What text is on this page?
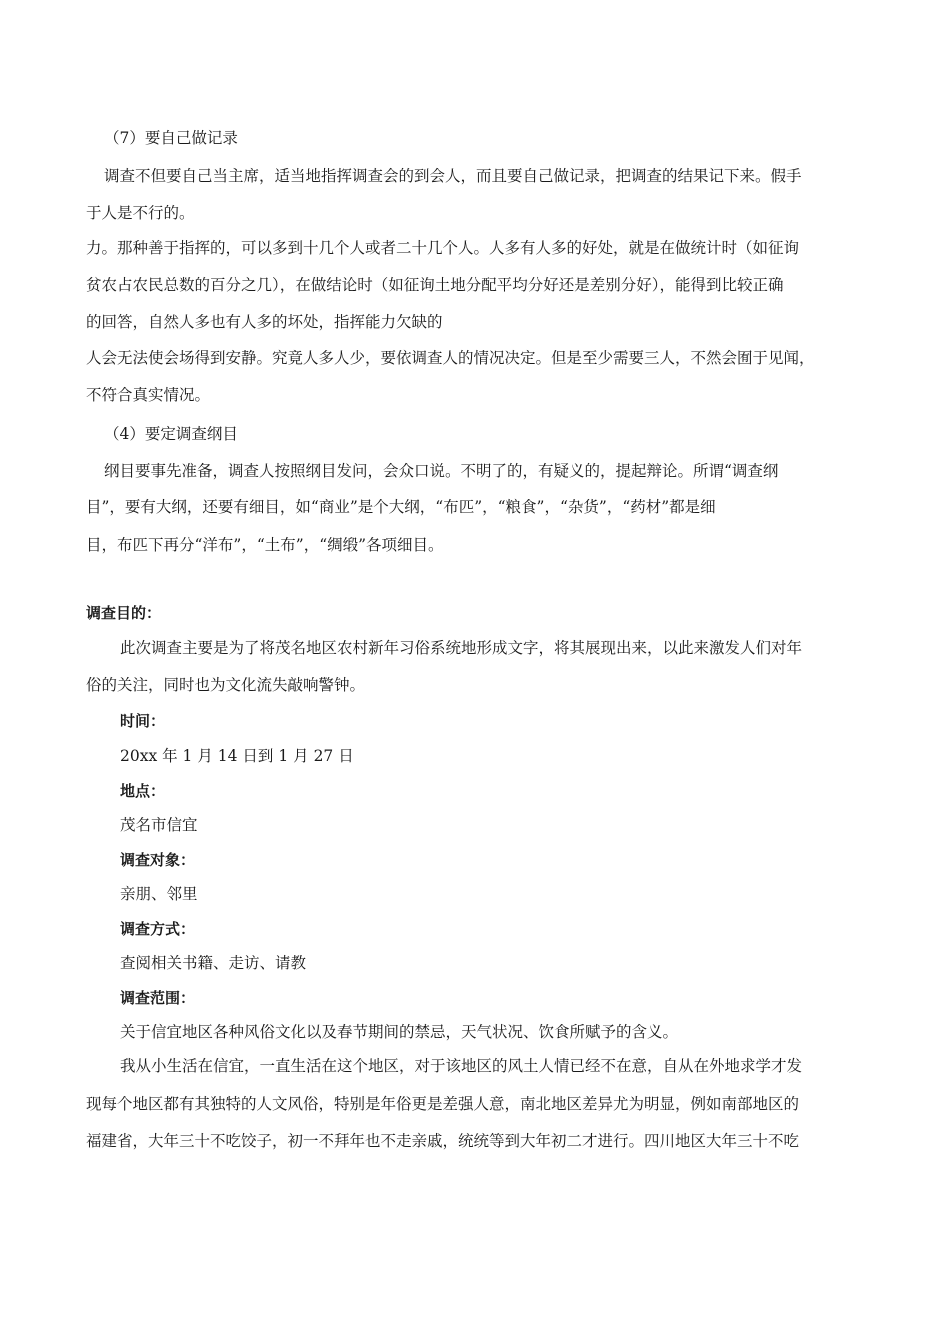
（7）要自己做记录
调查不但要自己当主席，适当地指挥调查会的到会人，而且要自己做记录，把调查的结果记下来。假手
于人是不行的。
力。那种善于指挥的，可以多到十几个人或者二十几个人。人多有人多的好处，就是在做统计时（如征询
贫农占农民总数的百分之几），在做结论时（如征询土地分配平均分好还是差别分好），能得到比较正确
的回答，自然人多也有人多的坏处，指挥能力欠缺的
人会无法使会场得到安静。究竟人多人少，要依调查人的情况决定。但是至少需要三人，不然会囿于见闻，
不符合真实情况。
（4）要定调查纲目
纲目要事先准备，调查人按照纲目发问，会众口说。不明了的，有疑义的，提起辩论。所谓“调查纲
目”，要有大纲，还要有细目，如“商业”是个大纲，“布匹”，“粮食”，“杂货”，“药材”都是细
目，布匹下再分“洋布”，“土布”，“绸缎”各项细目。
调查目的：
此次调查主要是为了将茂名地区农村新年习俗系统地形成文字，将其展现出来，以此来激发人们对年
俗的关注，同时也为文化流失敲响警钟。
时间：
20xx 年 1 月 14 日到 1 月 27 日
地点：
茂名市信宜
调查对象：
亲朋、邻里
调查方式：
查阅相关书籍、走访、请教
调查范围：
关于信宜地区各种风俗文化以及春节期间的禁忌，天气状况、饮食所赋予的含义。
我从小生活在信宜，一直生活在这个地区，对于该地区的风土人情已经不在意，自从在外地求学才发
现每个地区都有其独特的人文风俗，特别是年俗更是差强人意，南北地区差异尤为明显，例如南部地区的
福建省，大年三十不吃饺子，初一不拜年也不走亲戚，统统等到大年初二才进行。四川地区大年三十不吃
